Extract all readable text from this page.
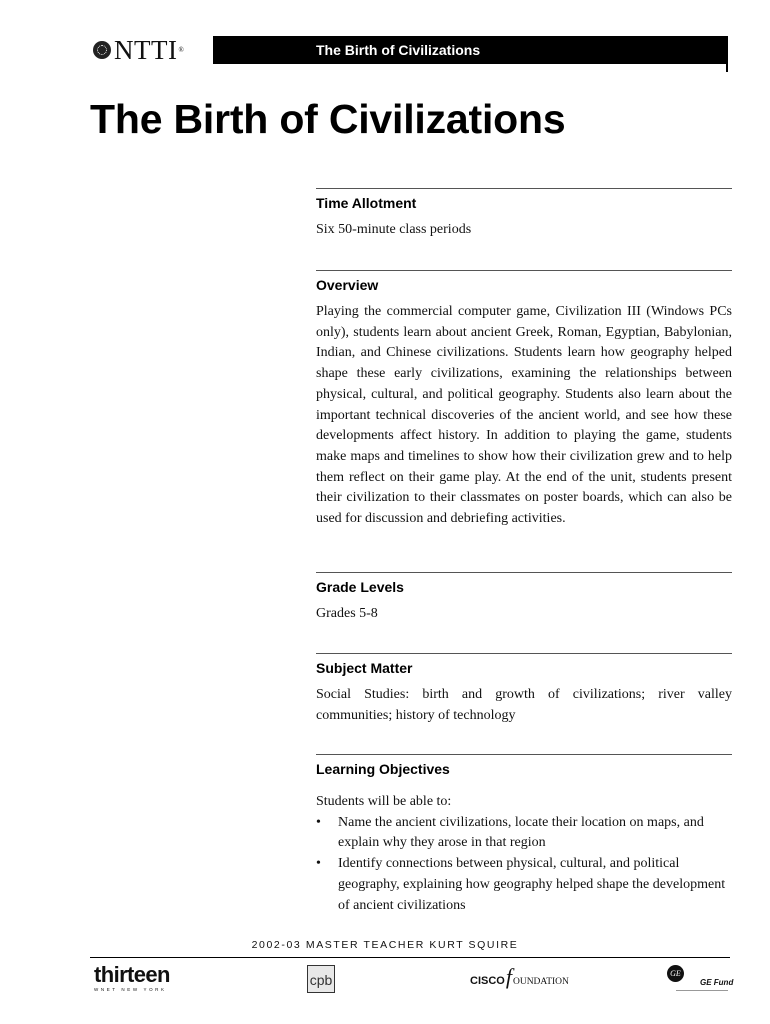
NTTI ®	The Birth of Civilizations
The Birth of Civilizations

Time Allotment

Six 50-minute class periods

Overview

Playing the commercial computer game, Civilization III (Windows PCs only), students learn about ancient Greek, Roman, Egyptian, Babylonian, Indian, and Chinese civilizations. Students learn how geography helped shape these early civilizations, examining the relationships between physical, cultural, and political geography. Students also learn about the important technical discoveries of the ancient world, and see how these developments affect history. In addition to playing the game, students make maps and timelines to show how their civilization grew and to help them reflect on their game play. At the end of the unit, students present their civilization to their classmates on poster boards, which can also be used for discussion and debriefing activities.

Grade Levels

Grades 5-8

Subject Matter

Social Studies: birth and growth of civilizations; river valley communities; history of technology

Learning Objectives

Students will be able to:

• Name the ancient civilizations, locate their location on maps, and explain why they arose in that region
• Identify connections between physical, cultural, and political geography, explaining how geography helped shape the development of ancient civilizations
2002-03 MASTER TEACHER KURT SQUIRE
thirteen
WNET NEW YORK
cpb	CISCO f OUNDATION
GE
GE Fund
